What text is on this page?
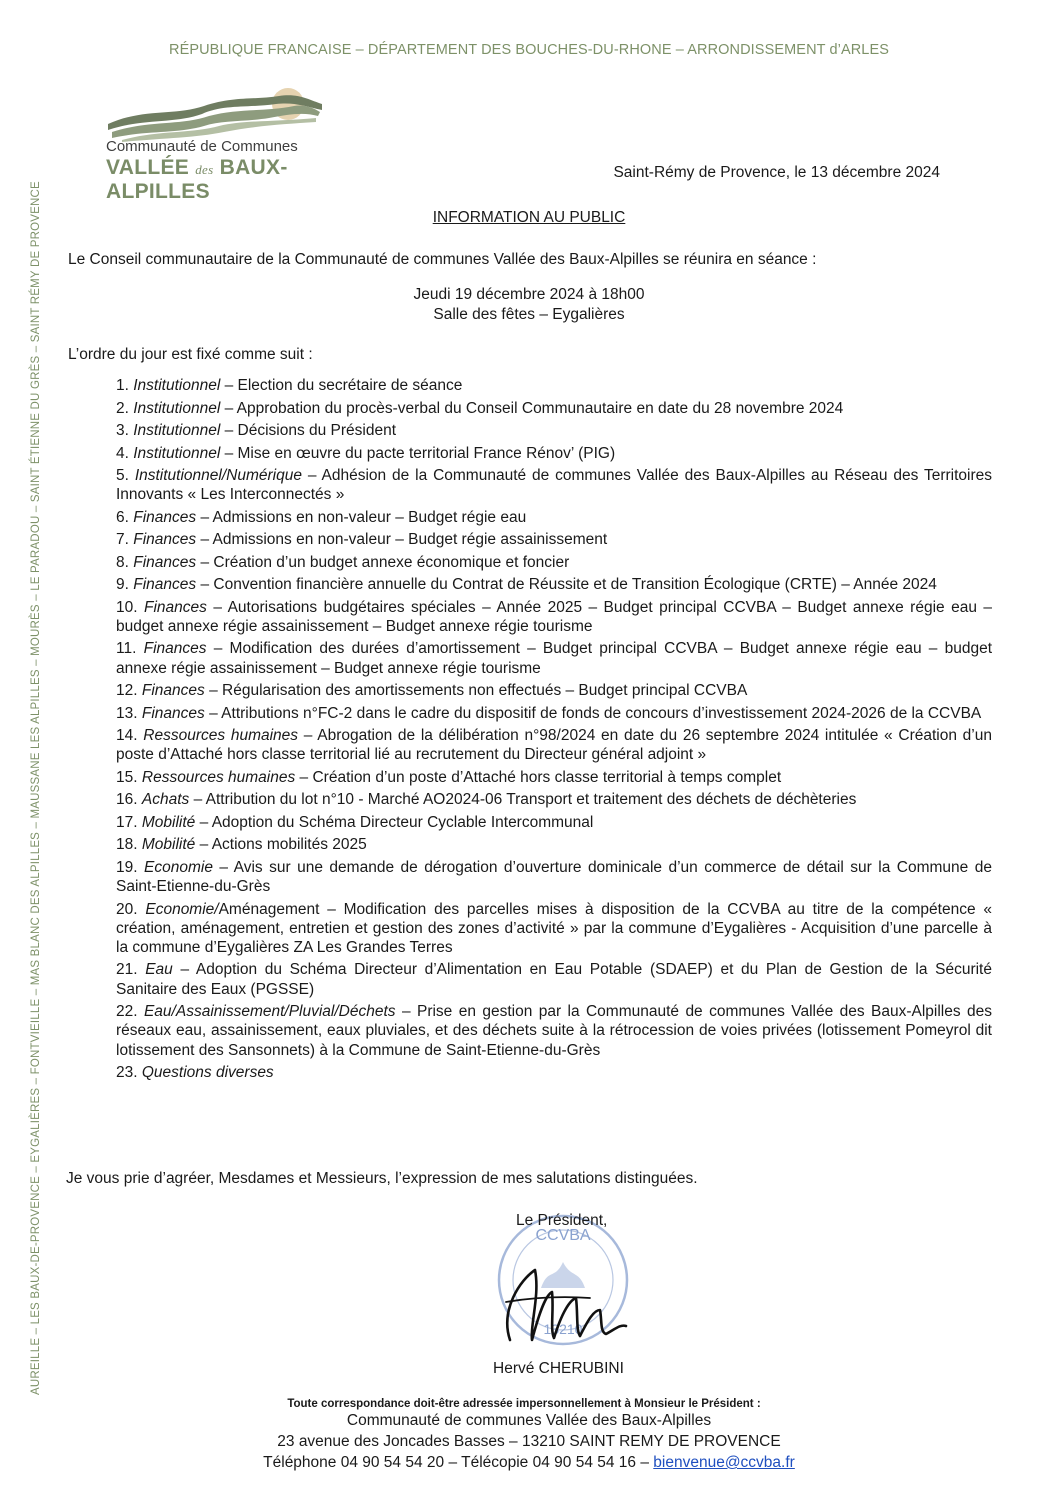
RÉPUBLIQUE FRANCAISE – DÉPARTEMENT DES BOUCHES-DU-RHONE – ARRONDISSEMENT d’ARLES
Communauté de Communes
VALLÉE des BAUX-ALPILLES
Saint-Rémy de Provence, le 13 décembre 2024
INFORMATION AU PUBLIC
Le Conseil communautaire de la Communauté de communes Vallée des Baux-Alpilles se réunira en séance :
Jeudi 19 décembre 2024 à 18h00
Salle des fêtes – Eygalières
L’ordre du jour est fixé comme suit :
1. Institutionnel – Election du secrétaire de séance
2. Institutionnel – Approbation du procès-verbal du Conseil Communautaire en date du 28 novembre 2024
3. Institutionnel – Décisions du Président
4. Institutionnel – Mise en œuvre du pacte territorial France Rénov’ (PIG)
5. Institutionnel/Numérique – Adhésion de la Communauté de communes Vallée des Baux-Alpilles au Réseau des Territoires Innovants « Les Interconnectés »
6. Finances – Admissions en non-valeur – Budget régie eau
7. Finances – Admissions en non-valeur – Budget régie assainissement
8. Finances – Création d’un budget annexe économique et foncier
9. Finances – Convention financière annuelle du Contrat de Réussite et de Transition Écologique (CRTE) – Année 2024
10. Finances – Autorisations budgétaires spéciales – Année 2025 – Budget principal CCVBA – Budget annexe régie eau – budget annexe régie assainissement – Budget annexe régie tourisme
11. Finances – Modification des durées d’amortissement – Budget principal CCVBA – Budget annexe régie eau – budget annexe régie assainissement – Budget annexe régie tourisme
12. Finances – Régularisation des amortissements non effectués – Budget principal CCVBA
13. Finances – Attributions n°FC-2 dans le cadre du dispositif de fonds de concours d’investissement 2024-2026 de la CCVBA
14. Ressources humaines – Abrogation de la délibération n°98/2024 en date du 26 septembre 2024 intitulée « Création d’un poste d’Attaché hors classe territorial lié au recrutement du Directeur général adjoint »
15. Ressources humaines – Création d’un poste d’Attaché hors classe territorial à temps complet
16. Achats – Attribution du lot n°10 - Marché AO2024-06 Transport et traitement des déchets de déchèteries
17. Mobilité – Adoption du Schéma Directeur Cyclable Intercommunal
18. Mobilité – Actions mobilités 2025
19. Economie – Avis sur une demande de dérogation d’ouverture dominicale d’un commerce de détail sur la Commune de Saint-Etienne-du-Grès
20. Economie/Aménagement – Modification des parcelles mises à disposition de la CCVBA au titre de la compétence « création, aménagement, entretien et gestion des zones d’activité » par la commune d’Eygalières - Acquisition d’une parcelle à la commune d’Eygalières ZA Les Grandes Terres
21. Eau – Adoption du Schéma Directeur d’Alimentation en Eau Potable (SDAEP) et du Plan de Gestion de la Sécurité Sanitaire des Eaux (PGSSE)
22. Eau/Assainissement/Pluvial/Déchets – Prise en gestion par la Communauté de communes Vallée des Baux-Alpilles des réseaux eau, assainissement, eaux pluviales, et des déchets suite à la rétrocession de voies privées (lotissement Pomeyrol dit lotissement des Sansonnets) à la Commune de Saint-Etienne-du-Grès
23. Questions diverses
Je vous prie d’agréer, Mesdames et Messieurs, l’expression de mes salutations distinguées.
CCVBA
13210
Le Président,
Hervé CHERUBINI
AUREILLE – LES BAUX-DE-PROVENCE – EYGALIÈRES – FONTVIEILLE – MAS BLANC DES ALPILLES – MAUSSANE LES ALPILLES – MOURÈS – LE PARADOU – SAINT ÉTIENNE DU GRÈS – SAINT RÉMY DE PROVENCE
Toute correspondance doit-être adressée impersonnellement à Monsieur le Président :
Communauté de communes Vallée des Baux-Alpilles
23 avenue des Joncades Basses – 13210 SAINT REMY DE PROVENCE
Téléphone 04 90 54 54 20 – Télécopie 04 90 54 54 16 – bienvenue@ccvba.fr
